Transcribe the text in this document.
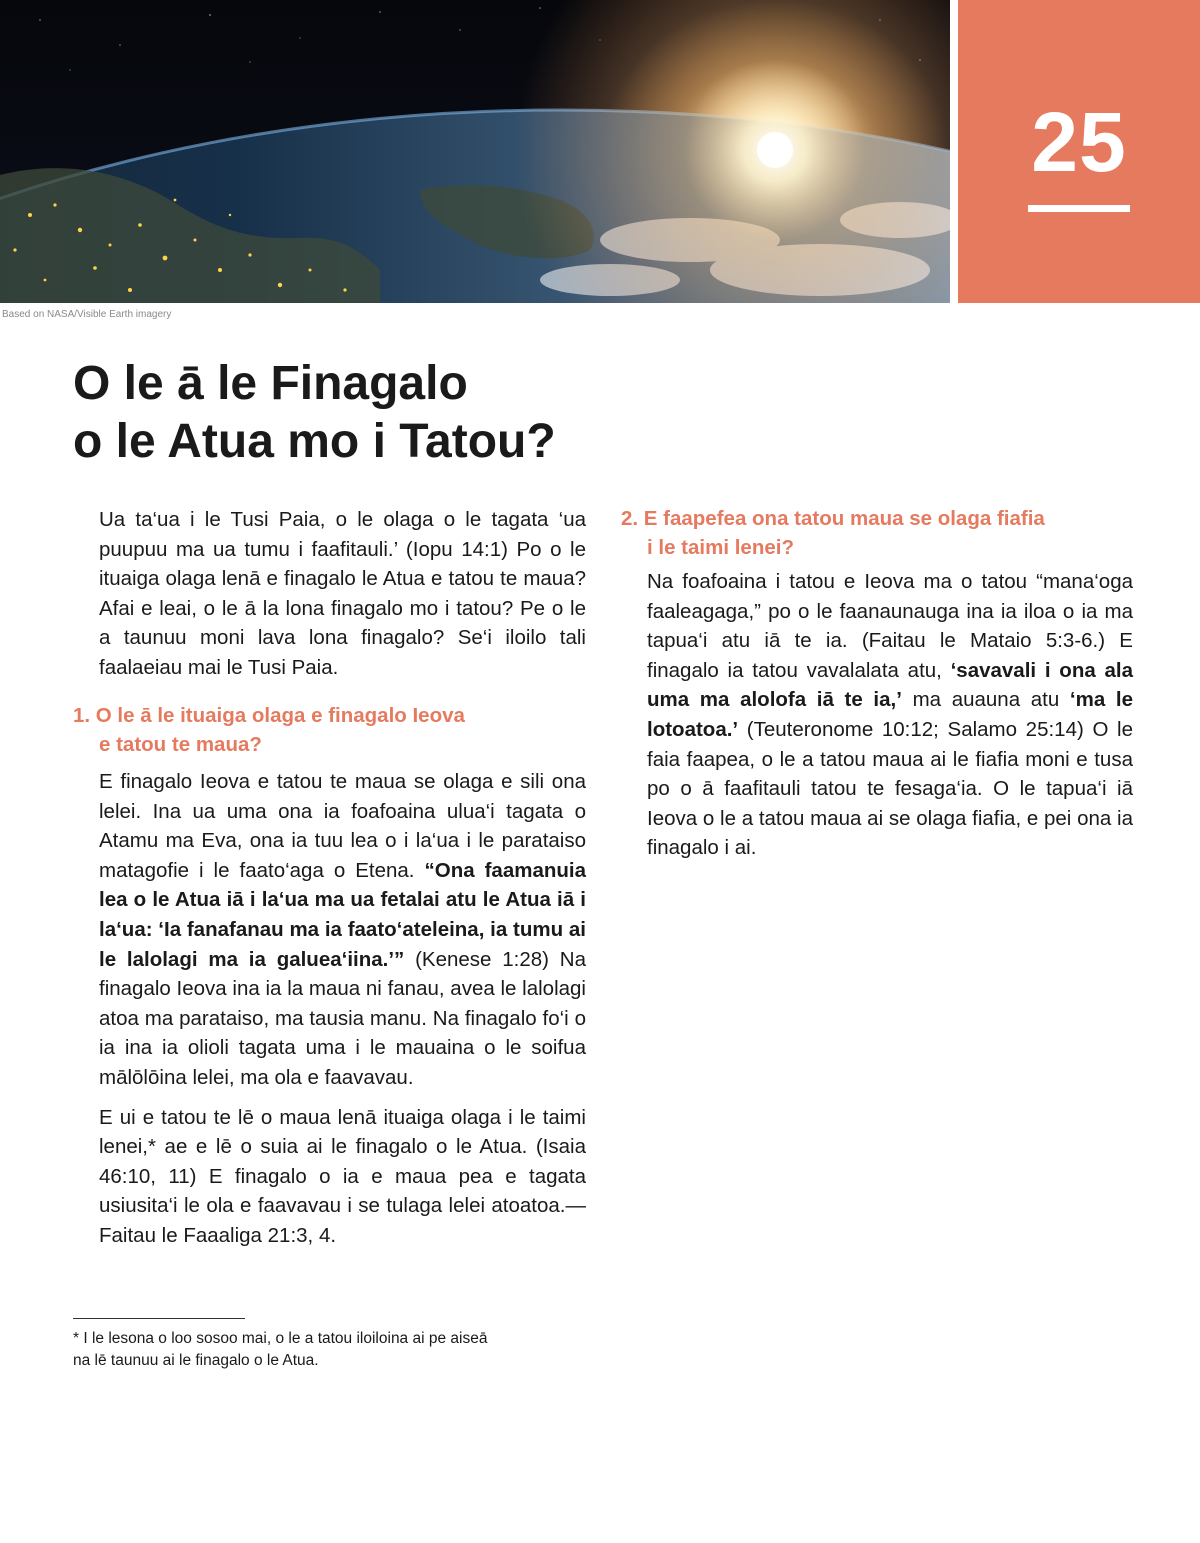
25
Based on NASA/Visible Earth imagery
O le ā le Finagalo
o le Atua mo i Tatou?

Ua ta‘ua i le Tusi Paia, o le olaga o le tagata ‘ua puupuu ma ua tumu i faafitauli.’ (Iopu 14:1) Po o le ituaiga olaga lenā e finagalo le Atua e tatou te maua? Afai e leai, o le ā la lona finagalo mo i tatou? Pe o le a taunuu moni lava lona finagalo? Se‘i iloilo tali faalaeiau mai le Tusi Paia.

1. O le ā le ituaiga olaga e finagalo Ieova
e tatou te maua?

E finagalo Ieova e tatou te maua se olaga e sili ona lelei. Ina ua uma ona ia foafoaina ulua‘i tagata o Atamu ma Eva, ona ia tuu lea o i la‘ua i le parataiso matagofie i le faato‘aga o Etena. “Ona faamanuia lea o le Atua iā i la‘ua ma ua fetalai atu le Atua iā i la‘ua: ‘Ia fanafanau ma ia faato‘ateleina, ia tumu ai le lalolagi ma ia galuea‘iina.’” (Kenese 1:28) Na finagalo Ieova ina ia la maua ni fanau, avea le lalolagi atoa ma parataiso, ma tausia manu. Na finagalo fo‘i o ia ina ia olioli tagata uma i le mauaina o le soifua mālōlōina lelei, ma ola e faavavau.

E ui e tatou te lē o maua lenā ituaiga olaga i le taimi lenei,* ae e lē o suia ai le finagalo o le Atua. (Isaia 46:10, 11) E finagalo o ia e maua pea e tagata usiusita‘i le ola e faavavau i se tulaga lelei atoatoa.—Faitau le Faaaliga 21:3, 4.

* I le lesona o loo sosoo mai, o le a tatou iloiloina ai pe aiseā
na lē taunuu ai le finagalo o le Atua.

2. E faapefea ona tatou maua se olaga fiafia
i le taimi lenei?

Na foafoaina i tatou e Ieova ma o tatou “mana‘oga faaleagaga,” po o le faanaunauga ina ia iloa o ia ma tapua‘i atu iā te ia. (Faitau le Mataio 5:3-6.) E finagalo ia tatou vavalalata atu, ‘savavali i ona ala uma ma alolofa iā te ia,’ ma auauna atu ‘ma le lotoatoa.’ (Teuteronome 10:12; Salamo 25:14) O le faia faapea, o le a tatou maua ai le fiafia moni e tusa po o ā faafitauli tatou te fesaga‘ia. O le tapua‘i iā Ieova o le a tatou maua ai se olaga fiafia, e pei ona ia finagalo i ai.
